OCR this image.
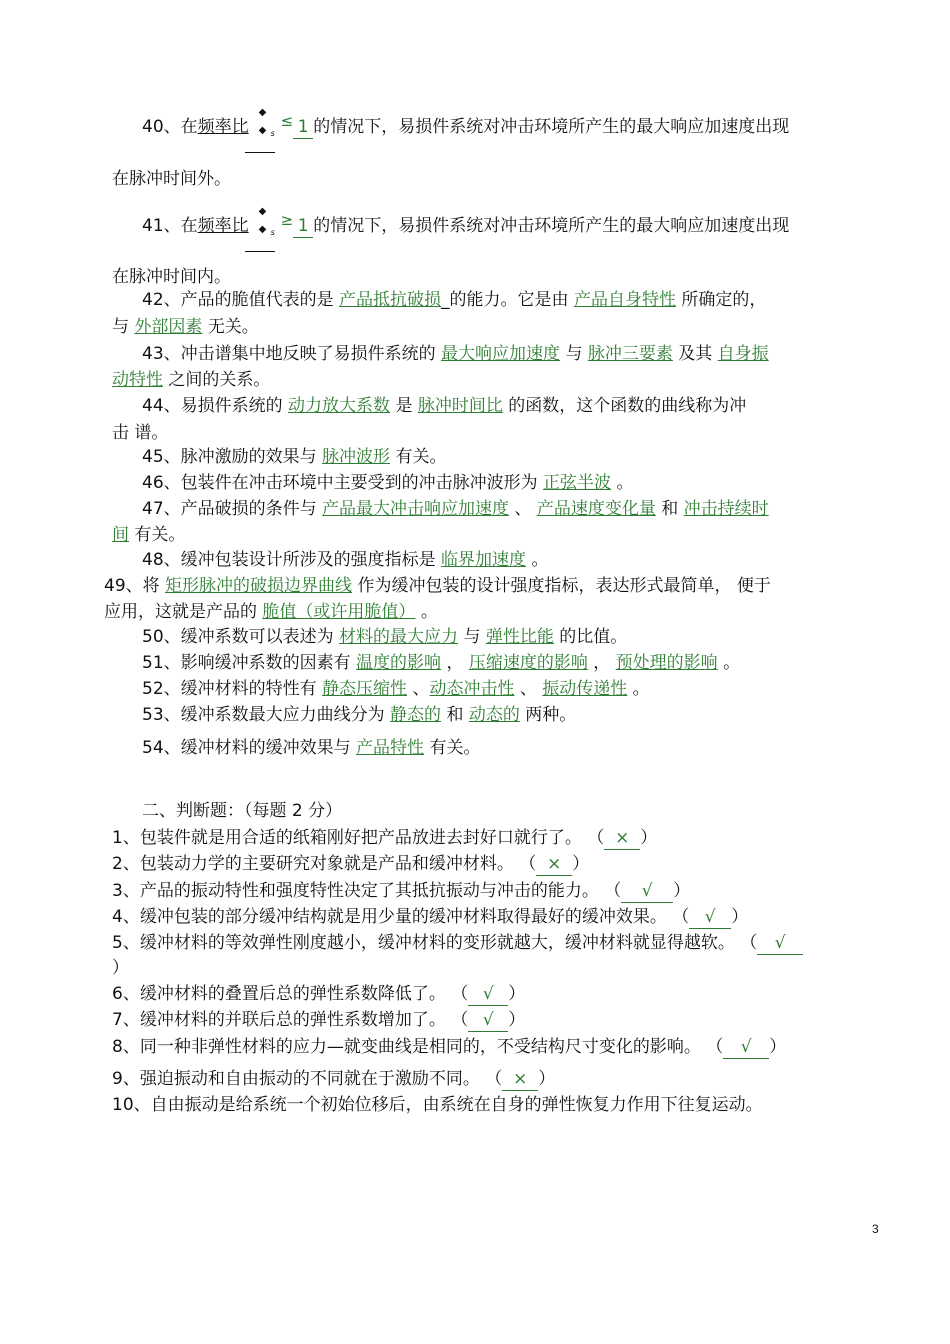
40、在频率比
◆
s
◆
≤ 1 的情况下，易损件系统对冲击环境所产生的最大响应加速度出现
在脉冲时间外。
41、在频率比
◆
s
◆
≥ 1 的情况下，易损件系统对冲击环境所产生的最大响应加速度出现
在脉冲时间内。
42、产品的脆值代表的是 产品抵抗破损_的能力。它是由 产品自身特性 所确定的，
与 外部因素 无关。
43、冲击谱集中地反映了易损件系统的 最大响应加速度 与 脉冲三要素 及其 自身振
动特性 之间的关系。
44、易损件系统的 动力放大系数 是 脉冲时间比 的函数，这个函数的曲线称为冲
击 谱。
45、脉冲激励的效果与 脉冲波形 有关。
46、包装件在冲击环境中主要受到的冲击脉冲波形为 正弦半波 。
47、产品破损的条件与 产品最大冲击响应加速度 、 产品速度变化量 和 冲击持续时
间 有关。
48、缓冲包装设计所涉及的强度指标是 临界加速度 。
49、将 矩形脉冲的破损边界曲线 作为缓冲包装的设计强度指标，表达形式最简单， 便于
应用，这就是产品的 脆值（或许用脆值） 。
50、缓冲系数可以表述为 材料的最大应力 与 弹性比能 的比值。
51、影响缓冲系数的因素有 温度的影响 ， 压缩速度的影响 ， 预处理的影响 。
52、缓冲材料的特性有 静态压缩性 、动态冲击性 、 振动传递性 。
53、缓冲系数最大应力曲线分为 静态的 和 动态的 两种。
54、缓冲材料的缓冲效果与 产品特性 有关。
二、判断题：（每题 2 分）
1、包装件就是用合适的纸箱刚好把产品放进去封好口就行了。 （ × ）
2、包装动力学的主要研究对象就是产品和缓冲材料。 （ × ）
3、产品的振动特性和强度特性决定了其抵抗振动与冲击的能力。 （ √ ）
4、缓冲包装的部分缓冲结构就是用少量的缓冲材料取得最好的缓冲效果。 （ √ ）
5、缓冲材料的等效弹性刚度越小，缓冲材料的变形就越大，缓冲材料就显得越软。 （ √
）
6、缓冲材料的叠置后总的弹性系数降低了。 （ √ ）
7、缓冲材料的并联后总的弹性系数增加了。 （ √ ）
8、同一种非弹性材料的应力—就变曲线是相同的，不受结构尺寸变化的影响。 （ √ ）
9、强迫振动和自由振动的不同就在于激励不同。 （ × ）
10、自由振动是给系统一个初始位移后，由系统在自身的弹性恢复力作用下往复运动。
3
